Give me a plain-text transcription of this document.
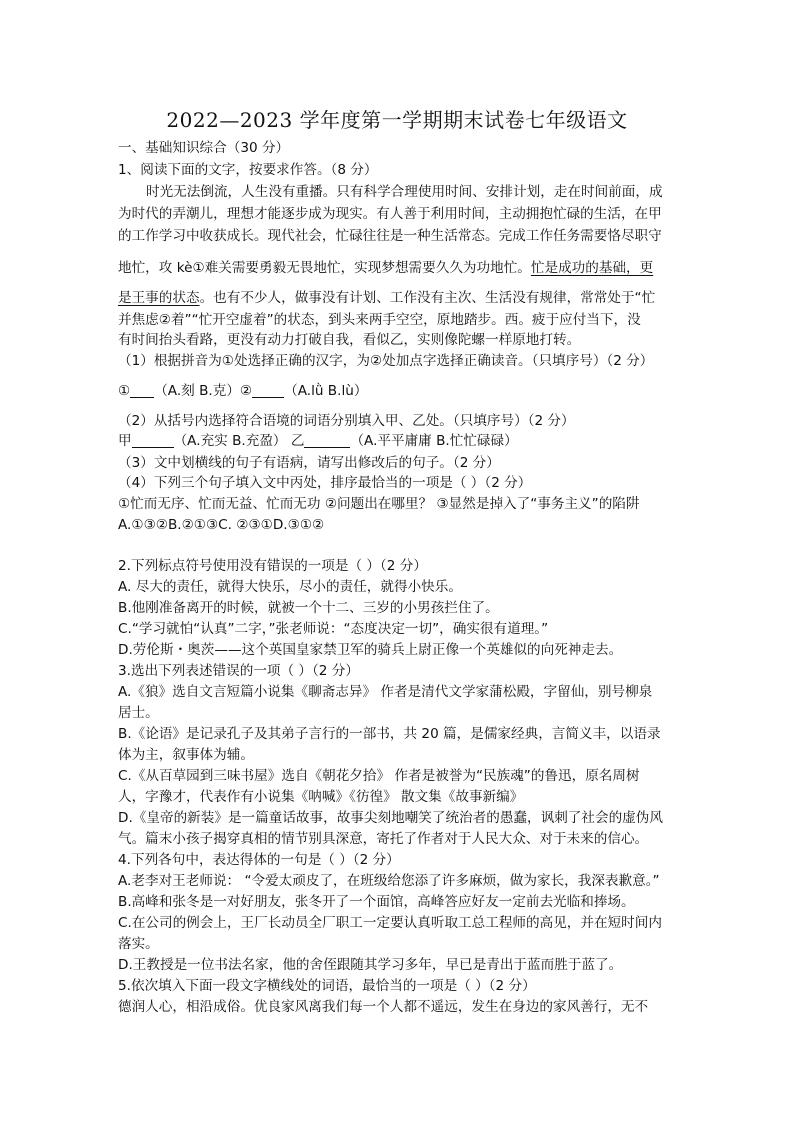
2022—2023 学年度第一学期期末试卷七年级语文
一、基础知识综合（30 分）
1、阅读下面的文字，按要求作答。（8 分）
时光无法倒流，人生没有重播。只有科学合理使用时间、安排计划，走在时间前面，成
为时代的弄潮儿，理想才能逐步成为现实。有人善于利用时间，主动拥抱忙碌的生活，在甲
的工作学习中收获成长。现代社会，忙碌往往是一种生活常态。完成工作任务需要恪尽职守
地忙，攻 kè①难关需要勇毅无畏地忙，实现梦想需要久久为功地忙。忙是成功的基础，更
是王事的状态。也有不少人，做事没有计划、工作没有主次、生活没有规律，常常处于“忙
并焦虑②着”“忙开空虚着”的状态，到头来两手空空，原地踏步。西。疲于应付当下，没
有时间抬头看路，更没有动力打破自我，看似乙，实则像陀螺一样原地打转。
（1）根据拼音为①处选择正确的汉字，为②处加点字选择正确读音。（只填序号）（2 分）
① （A.刻 B.克）② （A.lǜ B.lù）
（2）从括号内选择符合语境的词语分别填入甲、乙处。（只填序号）（2 分）
甲	（A.充实 B.充盈） 乙	（A.平平庸庸 B.忙忙碌碌）
（3）文中划横线的句子有语病，请写出修改后的句子。（2 分）
（4）下列三个句子填入文中丙处，排序最恰当的一项是（ ）（2 分）
①忙而无序、忙而无益、忙而无功 ②问题出在哪里？ ③显然是掉入了“事务主义”的陷阱
A.①③②B.②①③C. ②③①D.③①②
2.下列标点符号使用没有错误的一项是（ ）（2 分）
A. 尽大的责任，就得大快乐，尽小的责任，就得小快乐。
B.他刚准备离开的时候，就被一个十二、三岁的小男孩拦住了。
C.“学习就怕“认真”二字，”张老师说：“态度决定一切”，确实很有道理。”
D.劳伦斯・奥茨——这个英国皇家禁卫军的骑兵上尉正像一个英雄似的向死神走去。
3.选出下列表述错误的一项（ ）（2 分）
A.《狼》选自文言短篇小说集《聊斋志异》 作者是清代文学家蒲松殿，字留仙，别号柳泉
居士。
B.《论语》是记录孔子及其弟子言行的一部书，共 20 篇，是儒家经典，言简义丰，以语录
体为主，叙事体为辅。
C.《从百草园到三味书屋》选自《朝花夕拾》 作者是被誉为“民族魂”的鲁迅，原名周树
人，字豫才，代表作有小说集《呐喊》《彷徨》 散文集《故事新编》
D.《皇帝的新装》是一篇童话故事，故事尖刻地嘲笑了统治者的愚蠢，讽刺了社会的虚伪风
气。篇末小孩子揭穿真相的情节别具深意，寄托了作者对于人民大众、对于未来的信心。
4.下列各句中，表达得体的一句是（ ）（2 分）
A.老李对王老师说： “令爱太顽皮了，在班级给您添了许多麻烦，做为家长，我深表歉意。”
B.高峰和张冬是一对好朋友，张冬开了一个面馆，高峰答应好友一定前去光临和捧场。
C.在公司的例会上，王厂长动员全厂职工一定要认真听取工总工程师的高见，并在短时间内
落实。
D.王教授是一位书法名家，他的舍侄跟随其学习多年，早已是青出于蓝而胜于蓝了。
5.依次填入下面一段文字横线处的词语，最恰当的一项是（ ）（2 分）
德润人心，相沿成俗。优良家风离我们每一个人都不遥远，发生在身边的家风善行，无不
